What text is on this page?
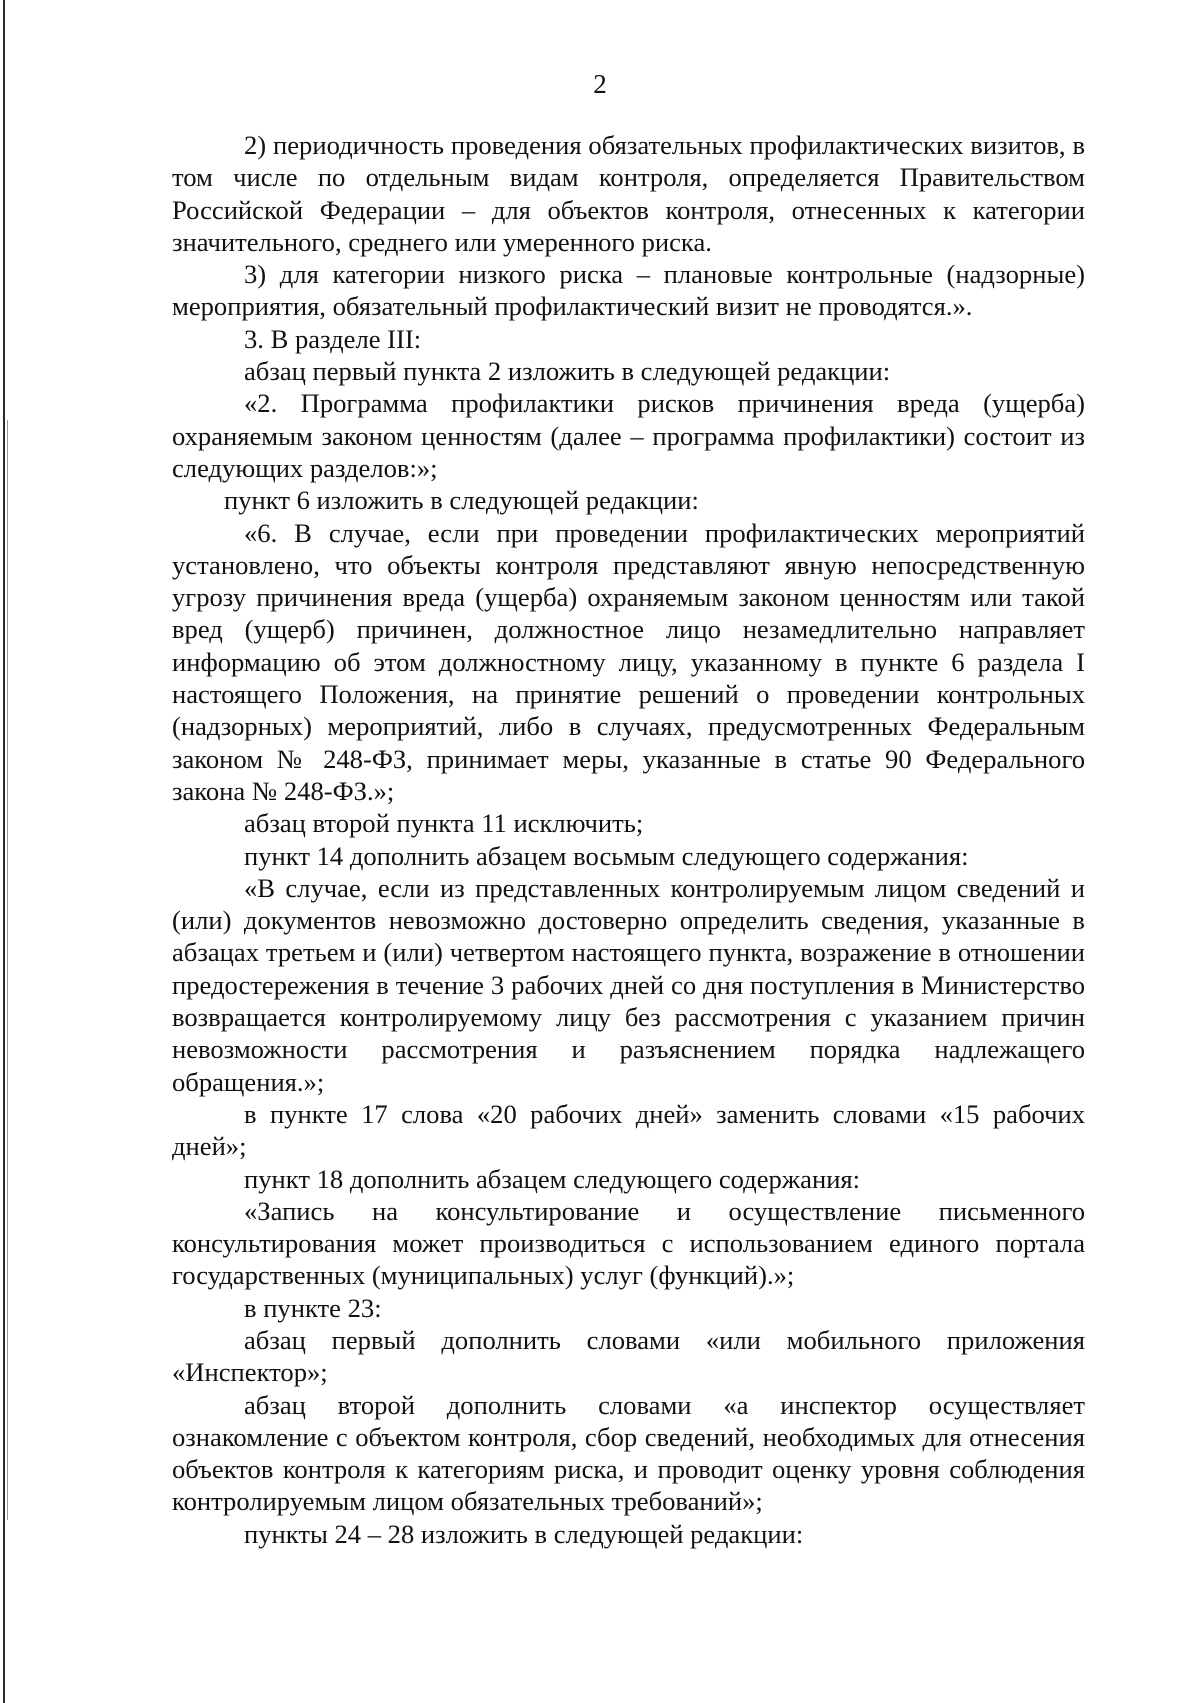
2

2) периодичность проведения обязательных профилактических визитов, в том числе по отдельным видам контроля, определяется Правительством Российской Федерации – для объектов контроля, отнесенных к категории значительного, среднего или умеренного риска.

3) для категории низкого риска – плановые контрольные (надзорные) мероприятия, обязательный профилактический визит не проводятся.».

3. В разделе III:

абзац первый пункта 2 изложить в следующей редакции:

«2. Программа профилактики рисков причинения вреда (ущерба) охраняемым законом ценностям (далее – программа профилактики) состоит из следующих разделов:»;

пункт 6 изложить в следующей редакции:

«6. В случае, если при проведении профилактических мероприятий установлено, что объекты контроля представляют явную непосредственную угрозу причинения вреда (ущерба) охраняемым законом ценностям или такой вред (ущерб) причинен, должностное лицо незамедлительно направляет информацию об этом должностному лицу, указанному в пункте 6 раздела I настоящего Положения, на принятие решений о проведении контрольных (надзорных) мероприятий, либо в случаях, предусмотренных Федеральным законом № 248-ФЗ, принимает меры, указанные в статье 90 Федерального закона № 248-ФЗ.»;

абзац второй пункта 11 исключить;

пункт 14 дополнить абзацем восьмым следующего содержания:

«В случае, если из представленных контролируемым лицом сведений и (или) документов невозможно достоверно определить сведения, указанные в абзацах третьем и (или) четвертом настоящего пункта, возражение в отношении предостережения в течение 3 рабочих дней со дня поступления в Министерство возвращается контролируемому лицу без рассмотрения с указанием причин невозможности рассмотрения и разъяснением порядка надлежащего обращения.»;

в пункте 17 слова «20 рабочих дней» заменить словами «15 рабочих дней»;

пункт 18 дополнить абзацем следующего содержания:

«Запись на консультирование и осуществление письменного консультирования может производиться с использованием единого портала государственных (муниципальных) услуг (функций).»;

в пункте 23:

абзац первый дополнить словами «или мобильного приложения «Инспектор»;

абзац второй дополнить словами «а инспектор осуществляет ознакомление с объектом контроля, сбор сведений, необходимых для отнесения объектов контроля к категориям риска, и проводит оценку уровня соблюдения контролируемым лицом обязательных требований»;

пункты 24 – 28 изложить в следующей редакции:
